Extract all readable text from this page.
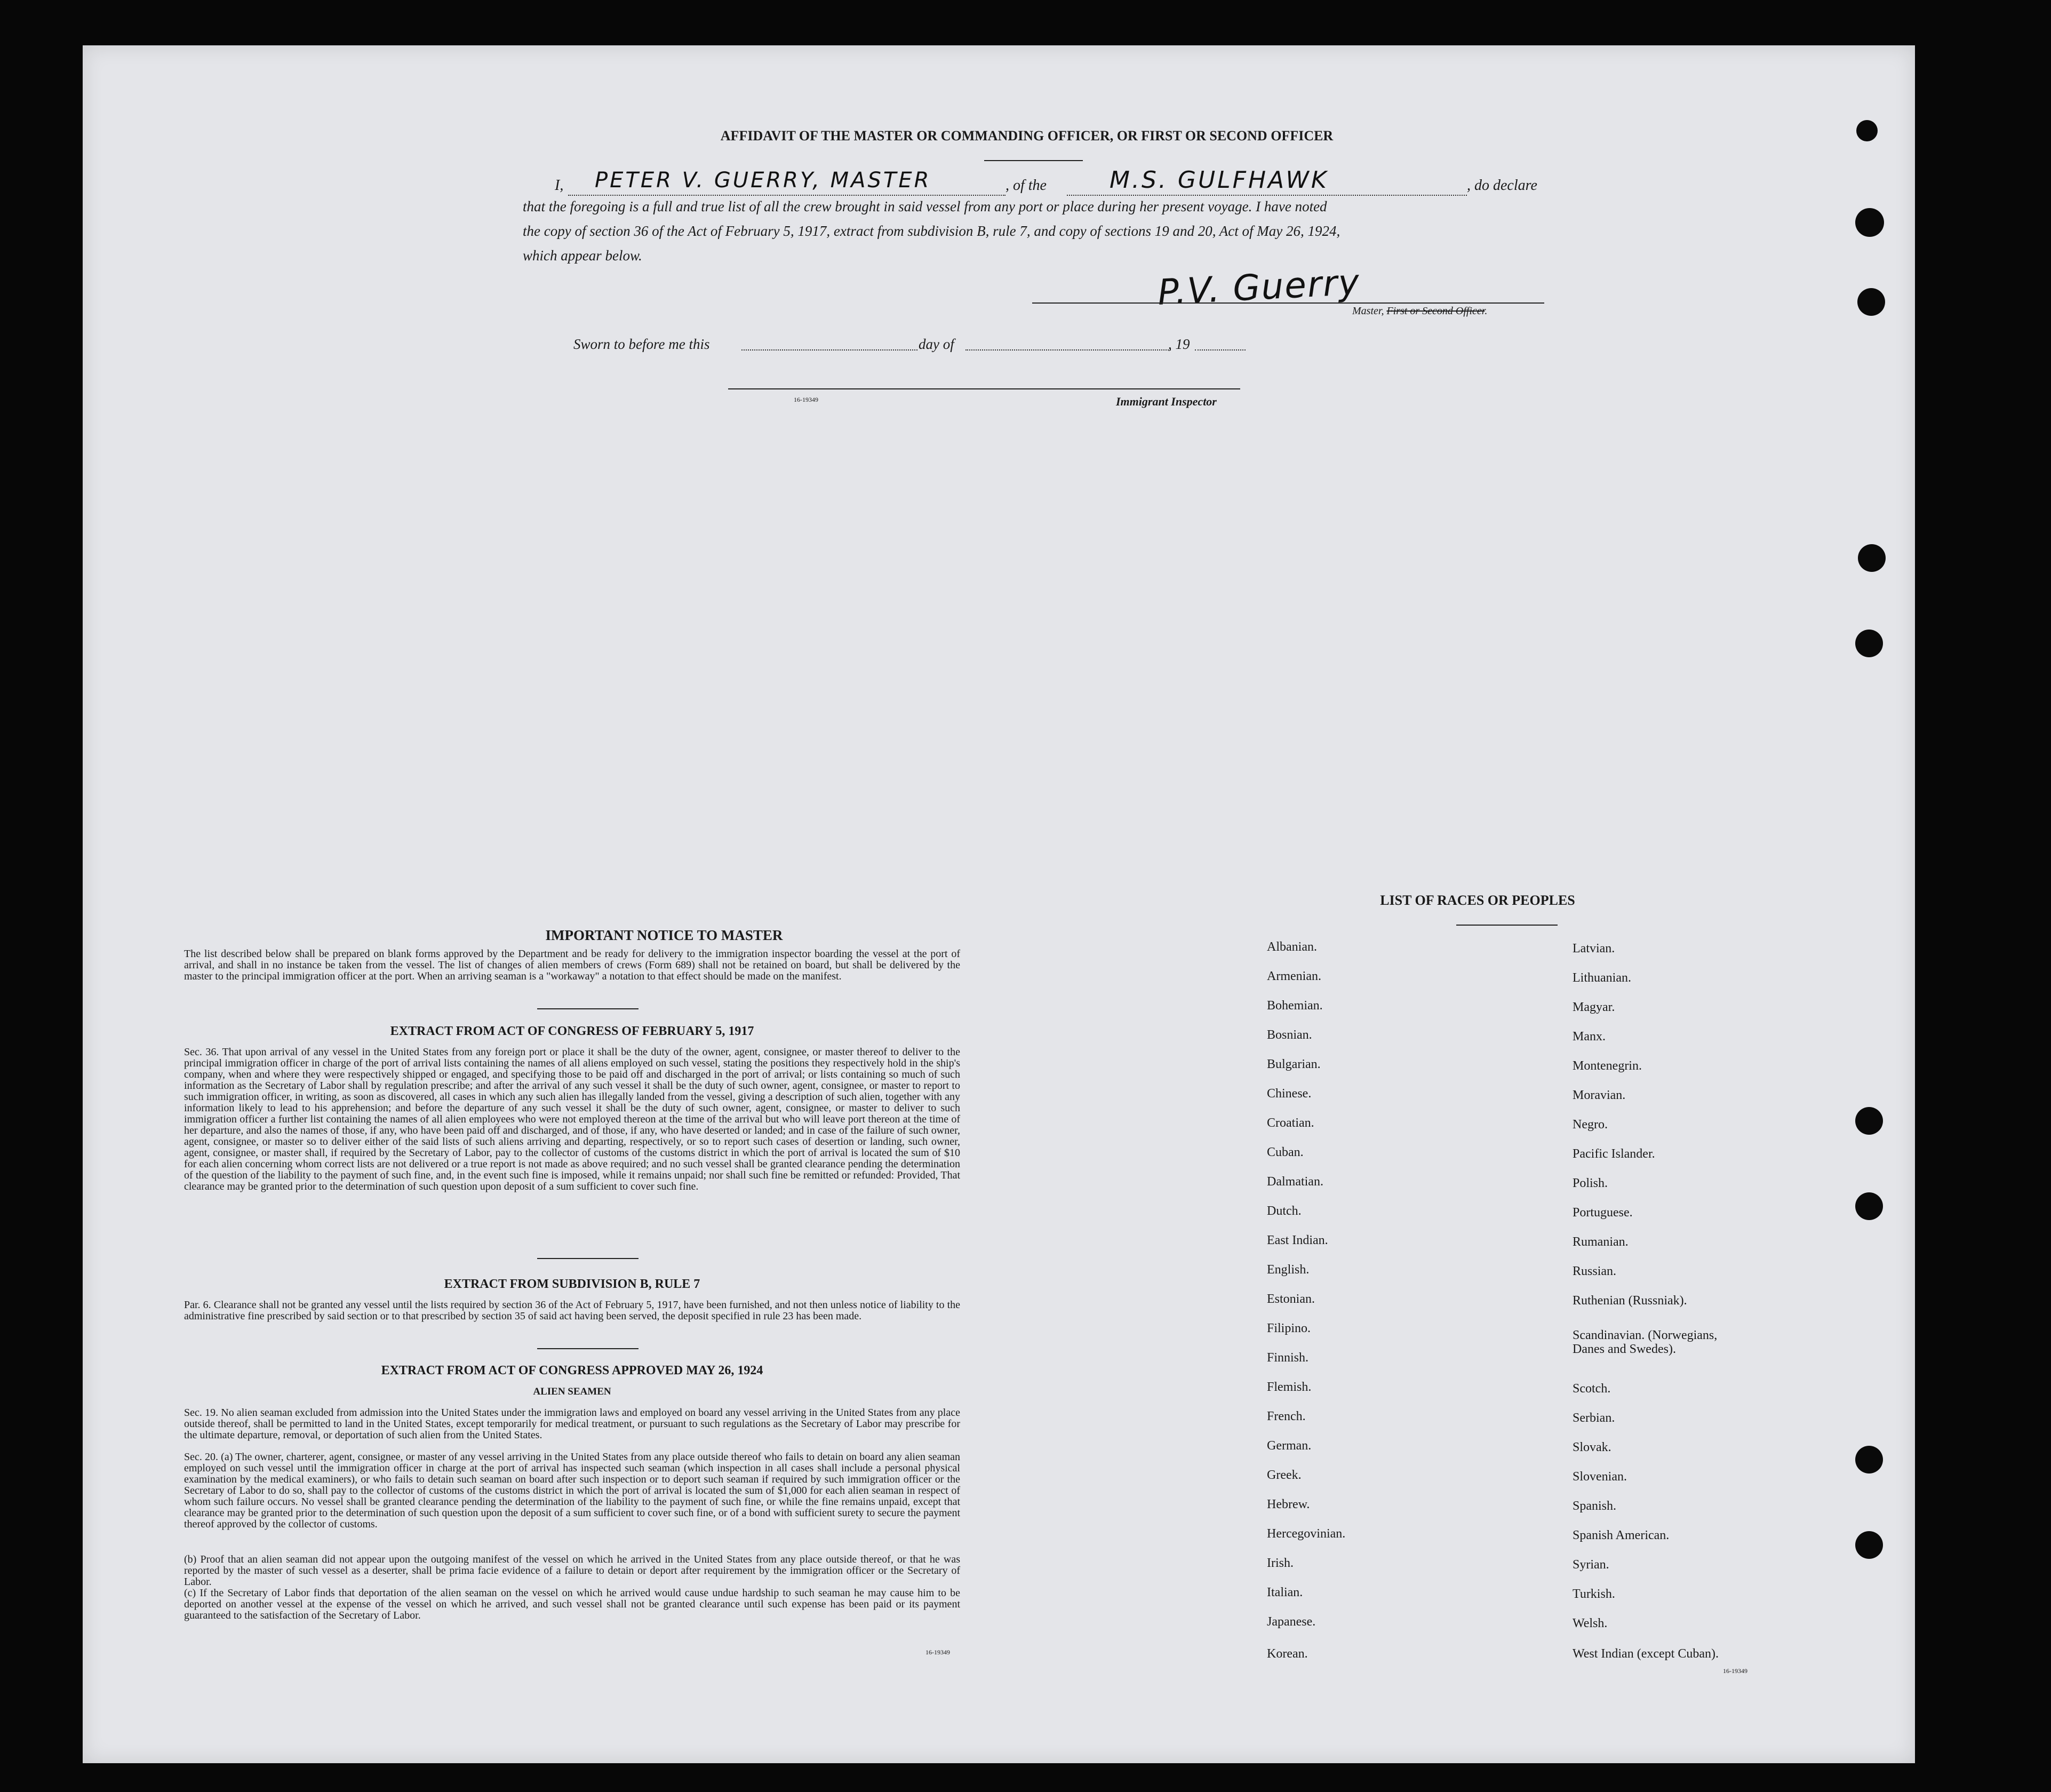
AFFIDAVIT OF THE MASTER OR COMMANDING OFFICER, OR FIRST OR SECOND OFFICER
I, PETER V. GUERRY, MASTER	, of the	M.S. GULFHAWK	, do declare
that the foregoing is a full and true list of all the crew brought in said vessel from any port or place during her present voyage. I have noted
the copy of section 36 of the Act of February 5, 1917, extract from subdivision B, rule 7, and copy of sections 19 and 20, Act of May 26, 1924,
which appear below.
P.V. Guerry
Master, First or Second Officer.
Sworn to before me this	day of	, 19
16-19349	Immigrant Inspector
IMPORTANT NOTICE TO MASTER
The list described below shall be prepared on blank forms approved by the Department and be ready for delivery to the immigration inspector boarding the vessel at the port of arrival, and shall in no instance be taken from the vessel. The list of changes of alien members of crews (Form 689) shall not be retained on board, but shall be delivered by the master to the principal immigration officer at the port. When an arriving seaman is a "workaway" a notation to that effect should be made on the manifest.
EXTRACT FROM ACT OF CONGRESS OF FEBRUARY 5, 1917
Sec. 36. That upon arrival of any vessel in the United States from any foreign port or place it shall be the duty of the owner, agent, consignee, or master thereof to deliver to the principal immigration officer in charge of the port of arrival lists containing the names of all aliens employed on such vessel, stating the positions they respectively hold in the ship's company, when and where they were respectively shipped or engaged, and specifying those to be paid off and discharged in the port of arrival; or lists containing so much of such information as the Secretary of Labor shall by regulation prescribe; and after the arrival of any such vessel it shall be the duty of such owner, agent, consignee, or master to report to such immigration officer, in writing, as soon as discovered, all cases in which any such alien has illegally landed from the vessel, giving a description of such alien, together with any information likely to lead to his apprehension; and before the departure of any such vessel it shall be the duty of such owner, agent, consignee, or master to deliver to such immigration officer a further list containing the names of all alien employees who were not employed thereon at the time of the arrival but who will leave port thereon at the time of her departure, and also the names of those, if any, who have been paid off and discharged, and of those, if any, who have deserted or landed; and in case of the failure of such owner, agent, consignee, or master so to deliver either of the said lists of such aliens arriving and departing, respectively, or so to report such cases of desertion or landing, such owner, agent, consignee, or master shall, if required by the Secretary of Labor, pay to the collector of customs of the customs district in which the port of arrival is located the sum of $10 for each alien concerning whom correct lists are not delivered or a true report is not made as above required; and no such vessel shall be granted clearance pending the determination of the question of the liability to the payment of such fine, and, in the event such fine is imposed, while it remains unpaid; nor shall such fine be remitted or refunded: Provided, That clearance may be granted prior to the determination of such question upon deposit of a sum sufficient to cover such fine.
EXTRACT FROM SUBDIVISION B, RULE 7
Par. 6. Clearance shall not be granted any vessel until the lists required by section 36 of the Act of February 5, 1917, have been furnished, and not then unless notice of liability to the administrative fine prescribed by said section or to that prescribed by section 35 of said act having been served, the deposit specified in rule 23 has been made.
EXTRACT FROM ACT OF CONGRESS APPROVED MAY 26, 1924
ALIEN SEAMEN
Sec. 19. No alien seaman excluded from admission into the United States under the immigration laws and employed on board any vessel arriving in the United States from any place outside thereof, shall be permitted to land in the United States, except temporarily for medical treatment, or pursuant to such regulations as the Secretary of Labor may prescribe for the ultimate departure, removal, or deportation of such alien from the United States.
Sec. 20. (a) The owner, charterer, agent, consignee, or master of any vessel arriving in the United States from any place outside thereof who fails to detain on board any alien seaman employed on such vessel until the immigration officer in charge at the port of arrival has inspected such seaman (which inspection in all cases shall include a personal physical examination by the medical examiners), or who fails to detain such seaman on board after such inspection or to deport such seaman if required by such immigration officer or the Secretary of Labor to do so, shall pay to the collector of customs of the customs district in which the port of arrival is located the sum of $1,000 for each alien seaman in respect of whom such failure occurs. No vessel shall be granted clearance pending the determination of the liability to the payment of such fine, or while the fine remains unpaid, except that clearance may be granted prior to the determination of such question upon the deposit of a sum sufficient to cover such fine, or of a bond with sufficient surety to secure the payment thereof approved by the collector of customs.
(b) Proof that an alien seaman did not appear upon the outgoing manifest of the vessel on which he arrived in the United States from any place outside thereof, or that he was reported by the master of such vessel as a deserter, shall be prima facie evidence of a failure to detain or deport after requirement by the immigration officer or the Secretary of Labor.
(c) If the Secretary of Labor finds that deportation of the alien seaman on the vessel on which he arrived would cause undue hardship to such seaman he may cause him to be deported on another vessel at the expense of the vessel on which he arrived, and such vessel shall not be granted clearance until such expense has been paid or its payment guaranteed to the satisfaction of the Secretary of Labor.
16-19349
LIST OF RACES OR PEOPLES
Albanian.
Armenian.
Bohemian.
Bosnian.
Bulgarian.
Chinese.
Croatian.
Cuban.
Dalmatian.
Dutch.
East Indian.
English.
Estonian.
Filipino.
Finnish.
Flemish.
French.
German.
Greek.
Hebrew.
Hercegovinian.
Irish.
Italian.
Japanese.
Korean.
Latvian.
Lithuanian.
Magyar.
Manx.
Montenegrin.
Moravian.
Negro.
Pacific Islander.
Polish.
Portuguese.
Rumanian.
Russian.
Ruthenian (Russniak).
Scandinavian. (Norwegians, Danes and Swedes).
Scotch.
Serbian.
Slovak.
Slovenian.
Spanish.
Spanish American.
Syrian.
Turkish.
Welsh.
West Indian (except Cuban).
16-19349
